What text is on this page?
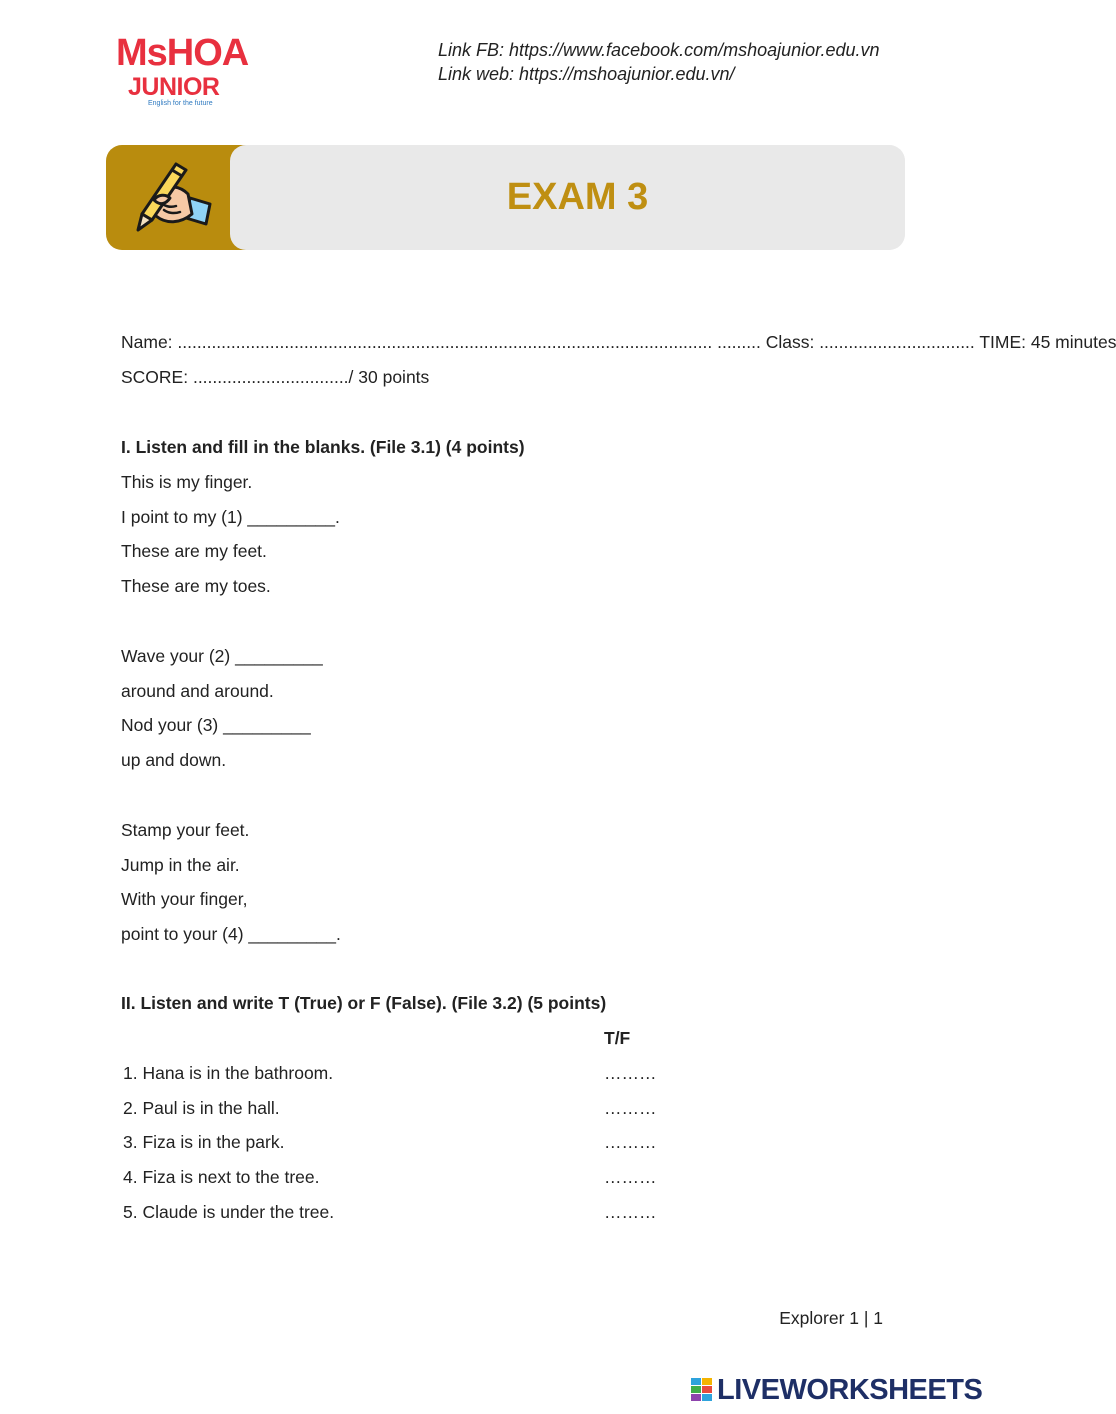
MsHOA
JUNIOR
English for the future
Link FB: https://www.facebook.com/mshoajunior.edu.vn
Link web: https://mshoajunior.edu.vn/
EXAM 3
Name: .............................................................................................................. ......... Class: ................................ TIME: 45 minutes
SCORE: ................................/ 30 points
I. Listen and fill in the blanks. (File 3.1) (4 points)
This is my finger.
I point to my (1) _________.
These are my feet.
These are my toes.
Wave your (2) _________
around and around.
Nod your (3) _________
up and down.
Stamp your feet.
Jump in the air.
With your finger,
point to your (4) _________.
II. Listen and write T (True) or F (False). (File 3.2) (5 points)
T/F
1. Hana is in the bathroom.	………
2. Paul is in the hall.	………
3. Fiza is in the park.	………
4. Fiza is next to the tree.	………
5. Claude is under the tree.	………
Explorer 1 | 1
LIVEWORKSHEETS
